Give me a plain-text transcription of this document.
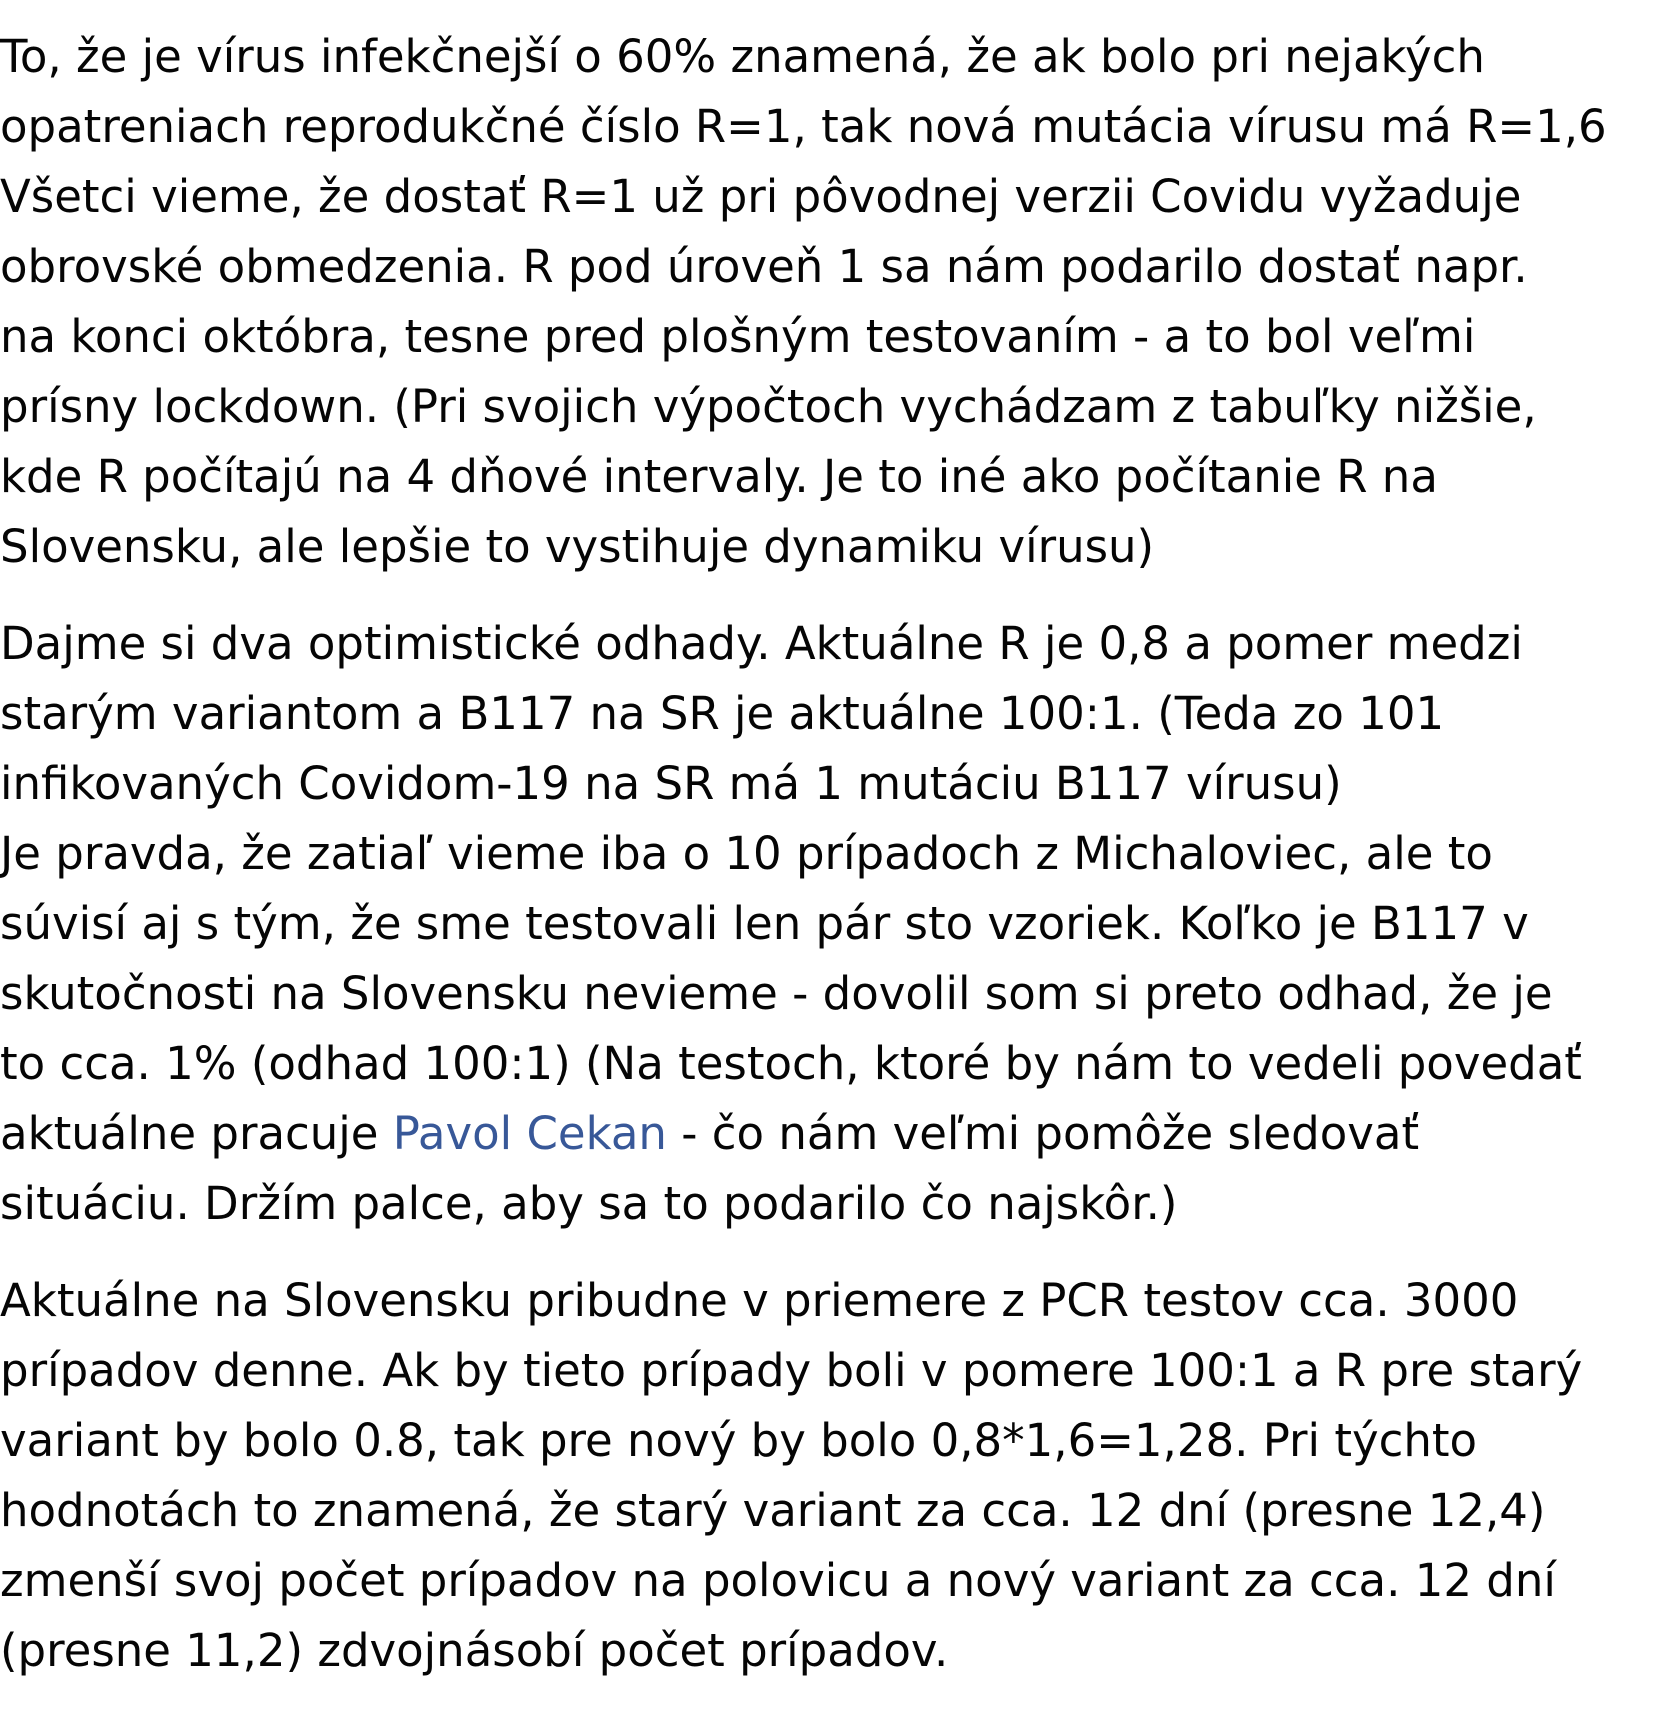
To, že je vírus infekčnejší o 60% znamená, že ak bolo pri nejakých
opatreniach reprodukčné číslo R=1, tak nová mutácia vírusu má R=1,6
Všetci vieme, že dostať R=1 už pri pôvodnej verzii Covidu vyžaduje
obrovské obmedzenia. R pod úroveň 1 sa nám podarilo dostať napr.
na konci októbra, tesne pred plošným testovaním - a to bol veľmi
prísny lockdown. (Pri svojich výpočtoch vychádzam z tabuľky nižšie,
kde R počítajú na 4 dňové intervaly. Je to iné ako počítanie R na
Slovensku, ale lepšie to vystihuje dynamiku vírusu)
Dajme si dva optimistické odhady. Aktuálne R je 0,8 a pomer medzi
starým variantom a B117 na SR je aktuálne 100:1. (Teda zo 101
infikovaných Covidom-19 na SR má 1 mutáciu B117 vírusu)
Je pravda, že zatiaľ vieme iba o 10 prípadoch z Michaloviec, ale to
súvisí aj s tým, že sme testovali len pár sto vzoriek. Koľko je B117 v
skutočnosti na Slovensku nevieme - dovolil som si preto odhad, že je
to cca. 1% (odhad 100:1) (Na testoch, ktoré by nám to vedeli povedať
aktuálne pracuje Pavol Cekan - čo nám veľmi pomôže sledovať
situáciu. Držím palce, aby sa to podarilo čo najskôr.)
Aktuálne na Slovensku pribudne v priemere z PCR testov cca. 3000
prípadov denne. Ak by tieto prípady boli v pomere 100:1 a R pre starý
variant by bolo 0.8, tak pre nový by bolo 0,8*1,6=1,28. Pri týchto
hodnotách to znamená, že starý variant za cca. 12 dní (presne 12,4)
zmenší svoj počet prípadov na polovicu a nový variant za cca. 12 dní
(presne 11,2) zdvojnásobí počet prípadov.
